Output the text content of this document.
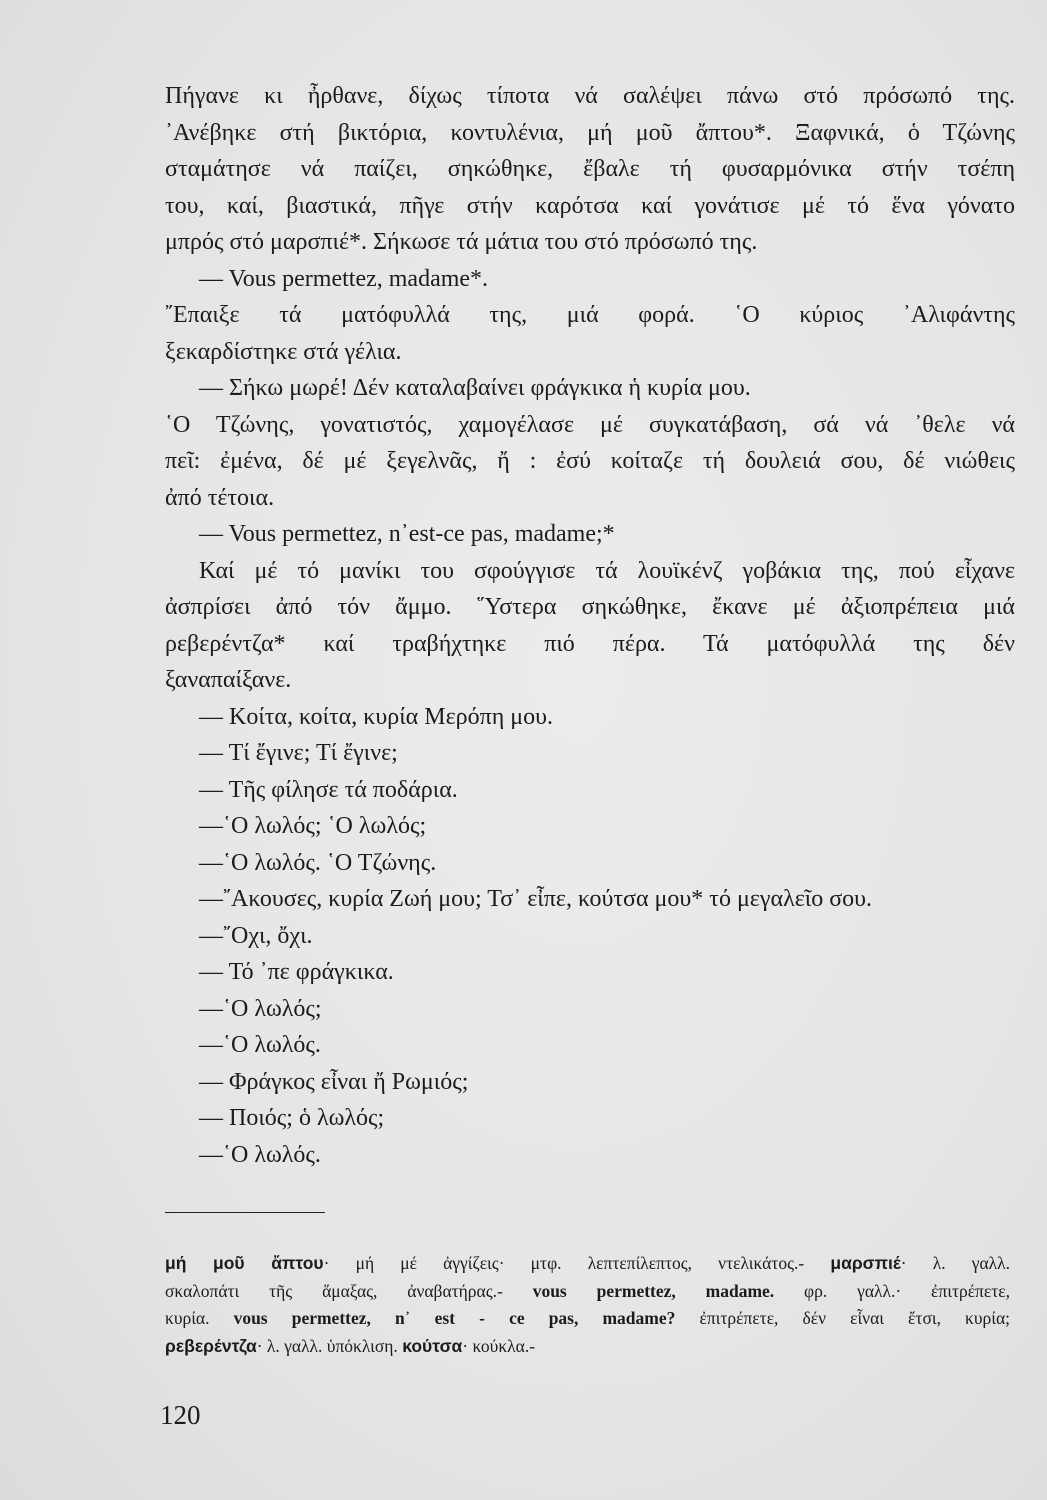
Πήγανε κι ἦρθανε, δίχως τίποτα νά σαλέψει πάνω στό πρόσωπό της.
᾿Ανέβηκε στή βικτόρια, κοντυλένια, μή μοῦ ἄπτου*. Ξαφνικά, ὁ Τζώνης
σταμάτησε νά παίζει, σηκώθηκε, ἔβαλε τή φυσαρμόνικα στήν τσέπη
του, καί, βιαστικά, πῆγε στήν καρότσα καί γονάτισε μέ τό ἕνα γόνατο
μπρός στό μαρσπιέ*. Σήκωσε τά μάτια του στό πρόσωπό της.
— Vous permettez, madame*.
῎Επαιξε τά ματόφυλλά της, μιά φορά. ῾Ο κύριος ᾿Αλιφάντης
ξεκαρδίστηκε στά γέλια.
— Σήκω μωρέ! Δέν καταλαβαίνει φράγκικα ἡ κυρία μου.
῾Ο Τζώνης, γονατιστός, χαμογέλασε μέ συγκατάβαση, σά νά ᾿θελε νά
πεῖ: ἐμένα, δέ μέ ξεγελνᾶς, ἤ : ἐσύ κοίταζε τή δουλειά σου, δέ νιώθεις
ἀπό τέτοια.
— Vous permettez, n᾿est-ce pas, madame;*
Καί μέ τό μανίκι του σφούγγισε τά λουϊκένζ γοβάκια της, πού εἶχανε
ἀσπρίσει ἀπό τόν ἄμμο. ῞Υστερα σηκώθηκε, ἔκανε μέ ἀξιοπρέπεια μιά
ρεβερέντζα* καί τραβήχτηκε πιό πέρα. Τά ματόφυλλά της δέν
ξαναπαίξανε.
— Κοίτα, κοίτα, κυρία Μερόπη μου.
— Τί ἔγινε; Τί ἔγινε;
— Τῆς φίλησε τά ποδάρια.
—῾Ο λωλός; ῾Ο λωλός;
—῾Ο λωλός. ῾Ο Τζώνης.
—῎Ακουσες, κυρία Ζωή μου; Τσ᾿ εἶπε, κούτσα μου* τό μεγαλεῖο σου.
—῎Οχι, ὄχι.
— Τό ᾿πε φράγκικα.
—῾Ο λωλός;
—῾Ο λωλός.
— Φράγκος εἶναι ἤ Ρωμιός;
— Ποιός; ὁ λωλός;
—῾Ο λωλός.
μή μοῦ ἄπτου· μή μέ ἀγγίζεις· μτφ. λεπτεπίλεπτος, ντελικάτος.- μαρσπιέ· λ. γαλλ.
σκαλοπάτι τῆς ἅμαξας, ἀναβατήρας.- vous permettez, madame. φρ. γαλλ.· ἐπιτρέπετε,
κυρία. vous permettez, n᾿ est - ce pas, madame? ἐπιτρέπετε, δέν εἶναι ἔτσι, κυρία;
ρεβερέντζα· λ. γαλλ. ὑπόκλιση. κούτσα· κούκλα.-
120
